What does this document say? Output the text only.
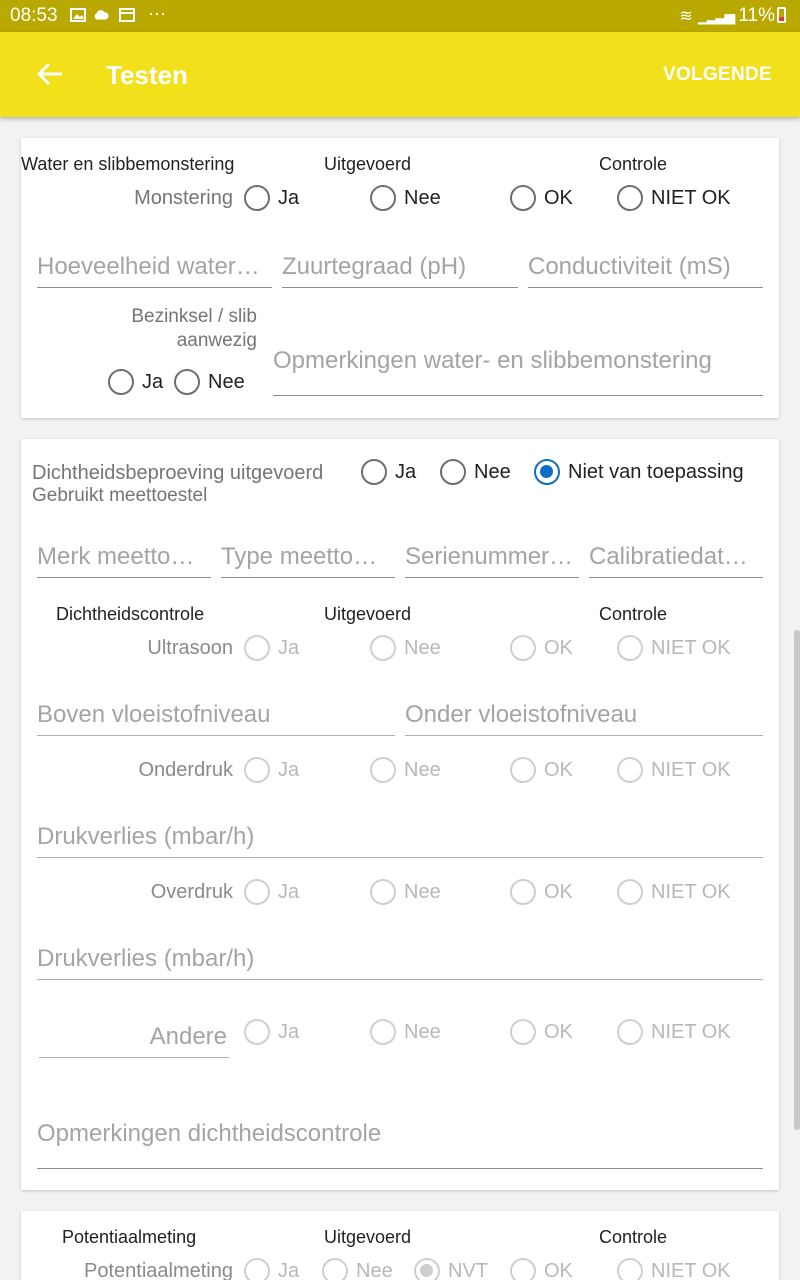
08:53	···	≋ ▁▂▃▅ 11%
Testen	VOLGENDE
Water en slibbemonstering	Uitgevoerd	Controle
Monstering Ja	Nee	OK	NIET OK
Hoeveelheid water… Zuurtegraad (pH)	Conductiviteit (mS)
Bezinksel / slib
aanwezig
Ja Nee
Opmerkingen water- en slibbemonstering
Dichtheidsbeproeving uitgevoerd
Gebruikt meettoestel
Ja	Nee	Niet van toepassing
Merk meetto…	Type meetto…	Serienummer… Calibratiedat…
Dichtheidscontrole	Uitgevoerd	Controle
Ultrasoon Ja	Nee	OK	NIET OK
Boven vloeistofniveau	Onder vloeistofniveau
Onderdruk Ja	Nee	OK	NIET OK
Drukverlies (mbar/h)
Overdruk Ja	Nee	OK	NIET OK
Drukverlies (mbar/h)
Andere	Ja	Nee	OK	NIET OK
Opmerkingen dichtheidscontrole
Potentiaalmeting	Uitgevoerd	Controle
Potentiaalmeting Ja	Nee	NVT	OK	NIET OK
